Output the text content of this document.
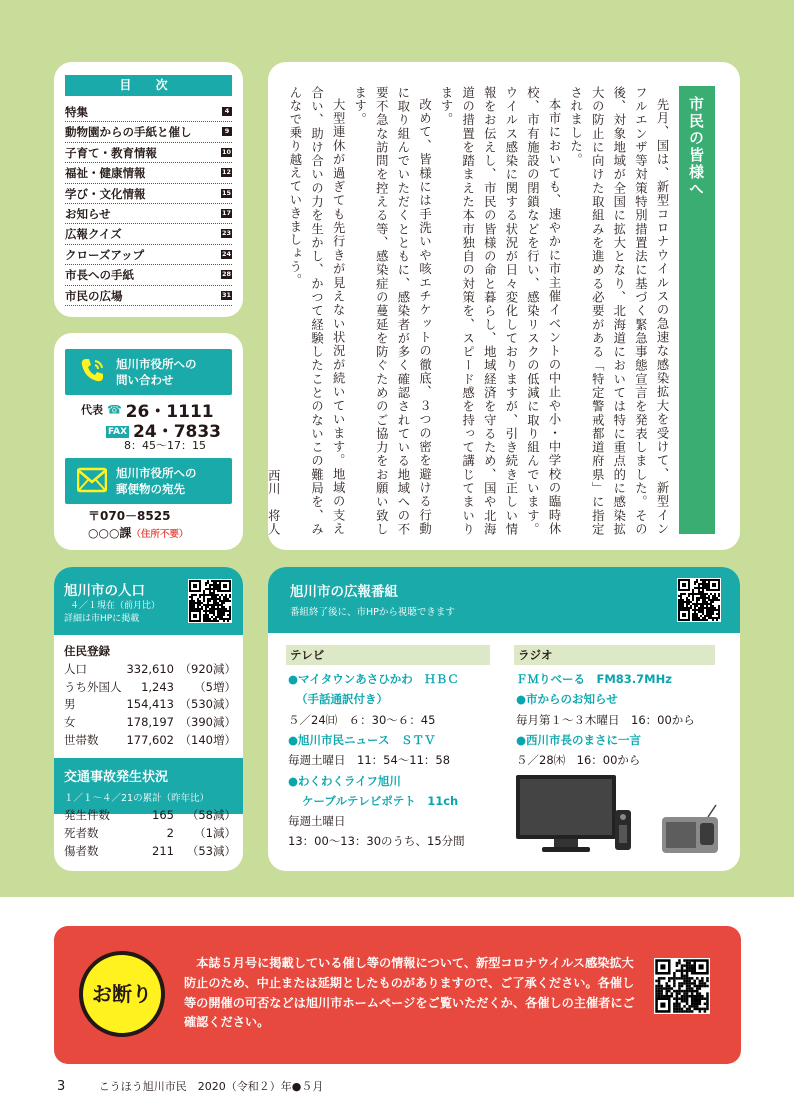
目 次
特集	4
動物園からの手紙と催し	9
子育て・教育情報	10
福祉・健康情報	12
学び・文化情報	15
お知らせ	17
広報クイズ	23
クローズアップ	24
市長への手紙	28
市民の広場	31
旭川市役所への
問い合わせ
代表 ☎ 26・1111
FAX 24・7833
8：45～17：15
旭川市役所への
郵便物の宛先
〒070－8525
○○○課（住所不要）
市民の皆様へ

先月、国は、新型コロナウイルスの急速な感染拡大を受けて、新型インフルエンザ等対策特別措置法に基づく緊急事態宣言を発表しました。その後、対象地域が全国に拡大となり、北海道においては特に重点的に感染拡大の防止に向けた取組みを進める必要がある「特定警戒都道府県」に指定されました。

本市においても、速やかに市主催イベントの中止や小・中学校の臨時休校、市有施設の閉鎖などを行い、感染リスクの低減に取り組んでいます。ウイルス感染に関する状況が日々変化しておりますが、引き続き正しい情報をお伝えし、市民の皆様の命と暮らし、地域経済を守るため、国や北海道の措置を踏まえた本市独自の対策を、スピード感を持って講じてまいります。

改めて、皆様には手洗いや咳エチケットの徹底、３つの密を避ける行動に取り組んでいただくとともに、感染者が多く確認されている地域への不要不急な訪問を控える等、感染症の蔓延を防ぐためのご協力をお願い致します。

大型連休が過ぎても先行きが見えない状況が続いています。地域の支え合い、助け合いの力を生かし、かつて経験したことのないこの難局を、みんなで乗り越えていきましょう。

西川　将人
旭川市の人口
４／１現在（前月比）
詳細は市HPに掲載
住民登録
人口	332,610 （920減）
うち外国人 1,243 （5増）
男	154,413 （530減）
女	178,197 （390減）
世帯数 177,602 （140増）
交通事故発生状況
１／１～４／21の累計（昨年比）
発生件数	165 （58減）
死者数	2 （1減）
傷者数	211 （53減）
旭川市の広報番組
番組終了後に、市HPから視聴できます
テレビ	ラジオ
●マイタウンあさひかわ　ＨＢＣ
（手話通訳付き）
５／24㈰　６：30～６：45
●旭川市民ニュース　ＳＴＶ
毎週土曜日　11：54～11：58
●わくわくライフ旭川
ケーブルテレビポテト　11ch
毎週土曜日
13：00～13：30のうち、15分間
ＦＭりべーる　FM83.7MHz
●市からのお知らせ
毎月第１～３木曜日　16：00から
●西川市長のまさに一言
５／28㈭　16：00から
お断り
本誌５月号に掲載している催し等の情報について、新型コロナウイルス感染拡大防止のため、中止または延期としたものがありますので、ご了承ください。各催し等の開催の可否などは旭川市ホームページをご覧いただくか、各催しの主催者にご確認ください。
3	こうほう旭川市民　2020（令和２）年●５月
